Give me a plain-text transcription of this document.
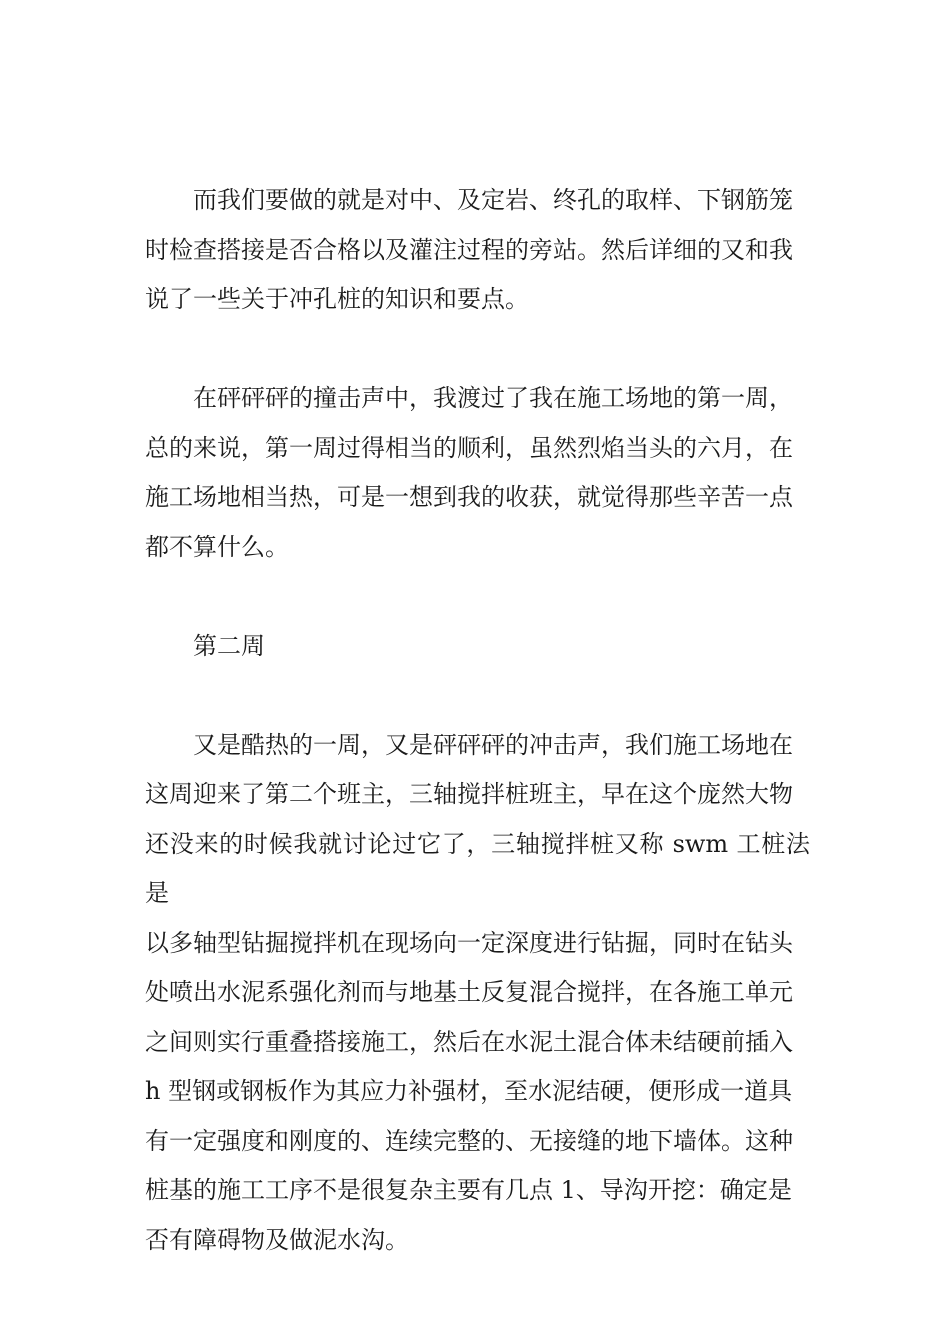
而我们要做的就是对中、及定岩、终孔的取样、下钢筋笼
时检查搭接是否合格以及灌注过程的旁站。然后详细的又和我
说了一些关于冲孔桩的知识和要点。

在砰砰砰的撞击声中，我渡过了我在施工场地的第一周，
总的来说，第一周过得相当的顺利，虽然烈焰当头的六月，在
施工场地相当热，可是一想到我的收获，就觉得那些辛苦一点
都不算什么。

第二周

又是酷热的一周，又是砰砰砰的冲击声，我们施工场地在
这周迎来了第二个班主，三轴搅拌桩班主，早在这个庞然大物
还没来的时候我就讨论过它了，三轴搅拌桩又称 swm 工桩法是
以多轴型钻掘搅拌机在现场向一定深度进行钻掘，同时在钻头
处喷出水泥系强化剂而与地基土反复混合搅拌，在各施工单元
之间则实行重叠搭接施工，然后在水泥土混合体未结硬前插入
h 型钢或钢板作为其应力补强材，至水泥结硬，便形成一道具
有一定强度和刚度的、连续完整的、无接缝的地下墙体。这种
桩基的施工工序不是很复杂主要有几点 1、导沟开挖：确定是
否有障碍物及做泥水沟。
